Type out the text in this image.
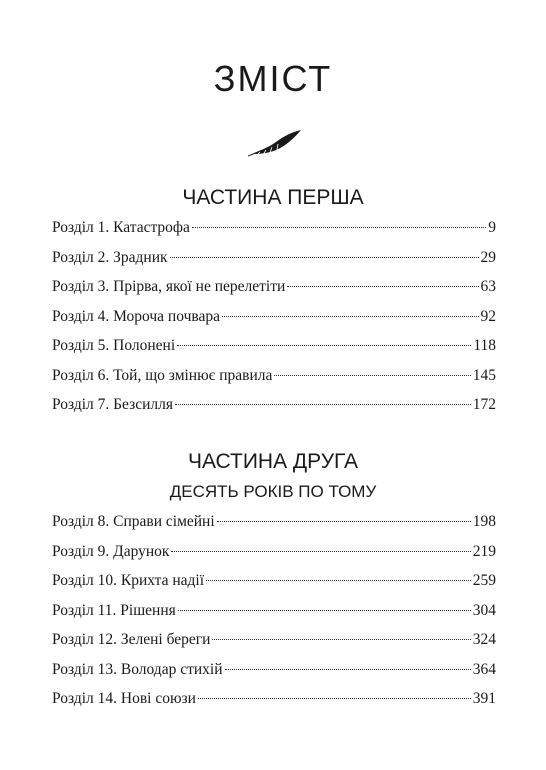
ЗМІСТ
ЧАСТИНА ПЕРША
Розділ 1. Катастрофа	9
Розділ 2. Зрадник	29
Розділ 3. Прірва, якої не перелетіти	63
Розділ 4. Мороча почвара	92
Розділ 5. Полонені	118
Розділ 6. Той, що змінює правила	145
Розділ 7. Безсилля	172
ЧАСТИНА ДРУГА
ДЕСЯТЬ РОКІВ ПО ТОМУ
Розділ 8. Справи сімейні	198
Розділ 9. Дарунок	219
Розділ 10. Крихта надії	259
Розділ 11. Рішення	304
Розділ 12. Зелені береги	324
Розділ 13. Володар стихій	364
Розділ 14. Нові союзи	391
